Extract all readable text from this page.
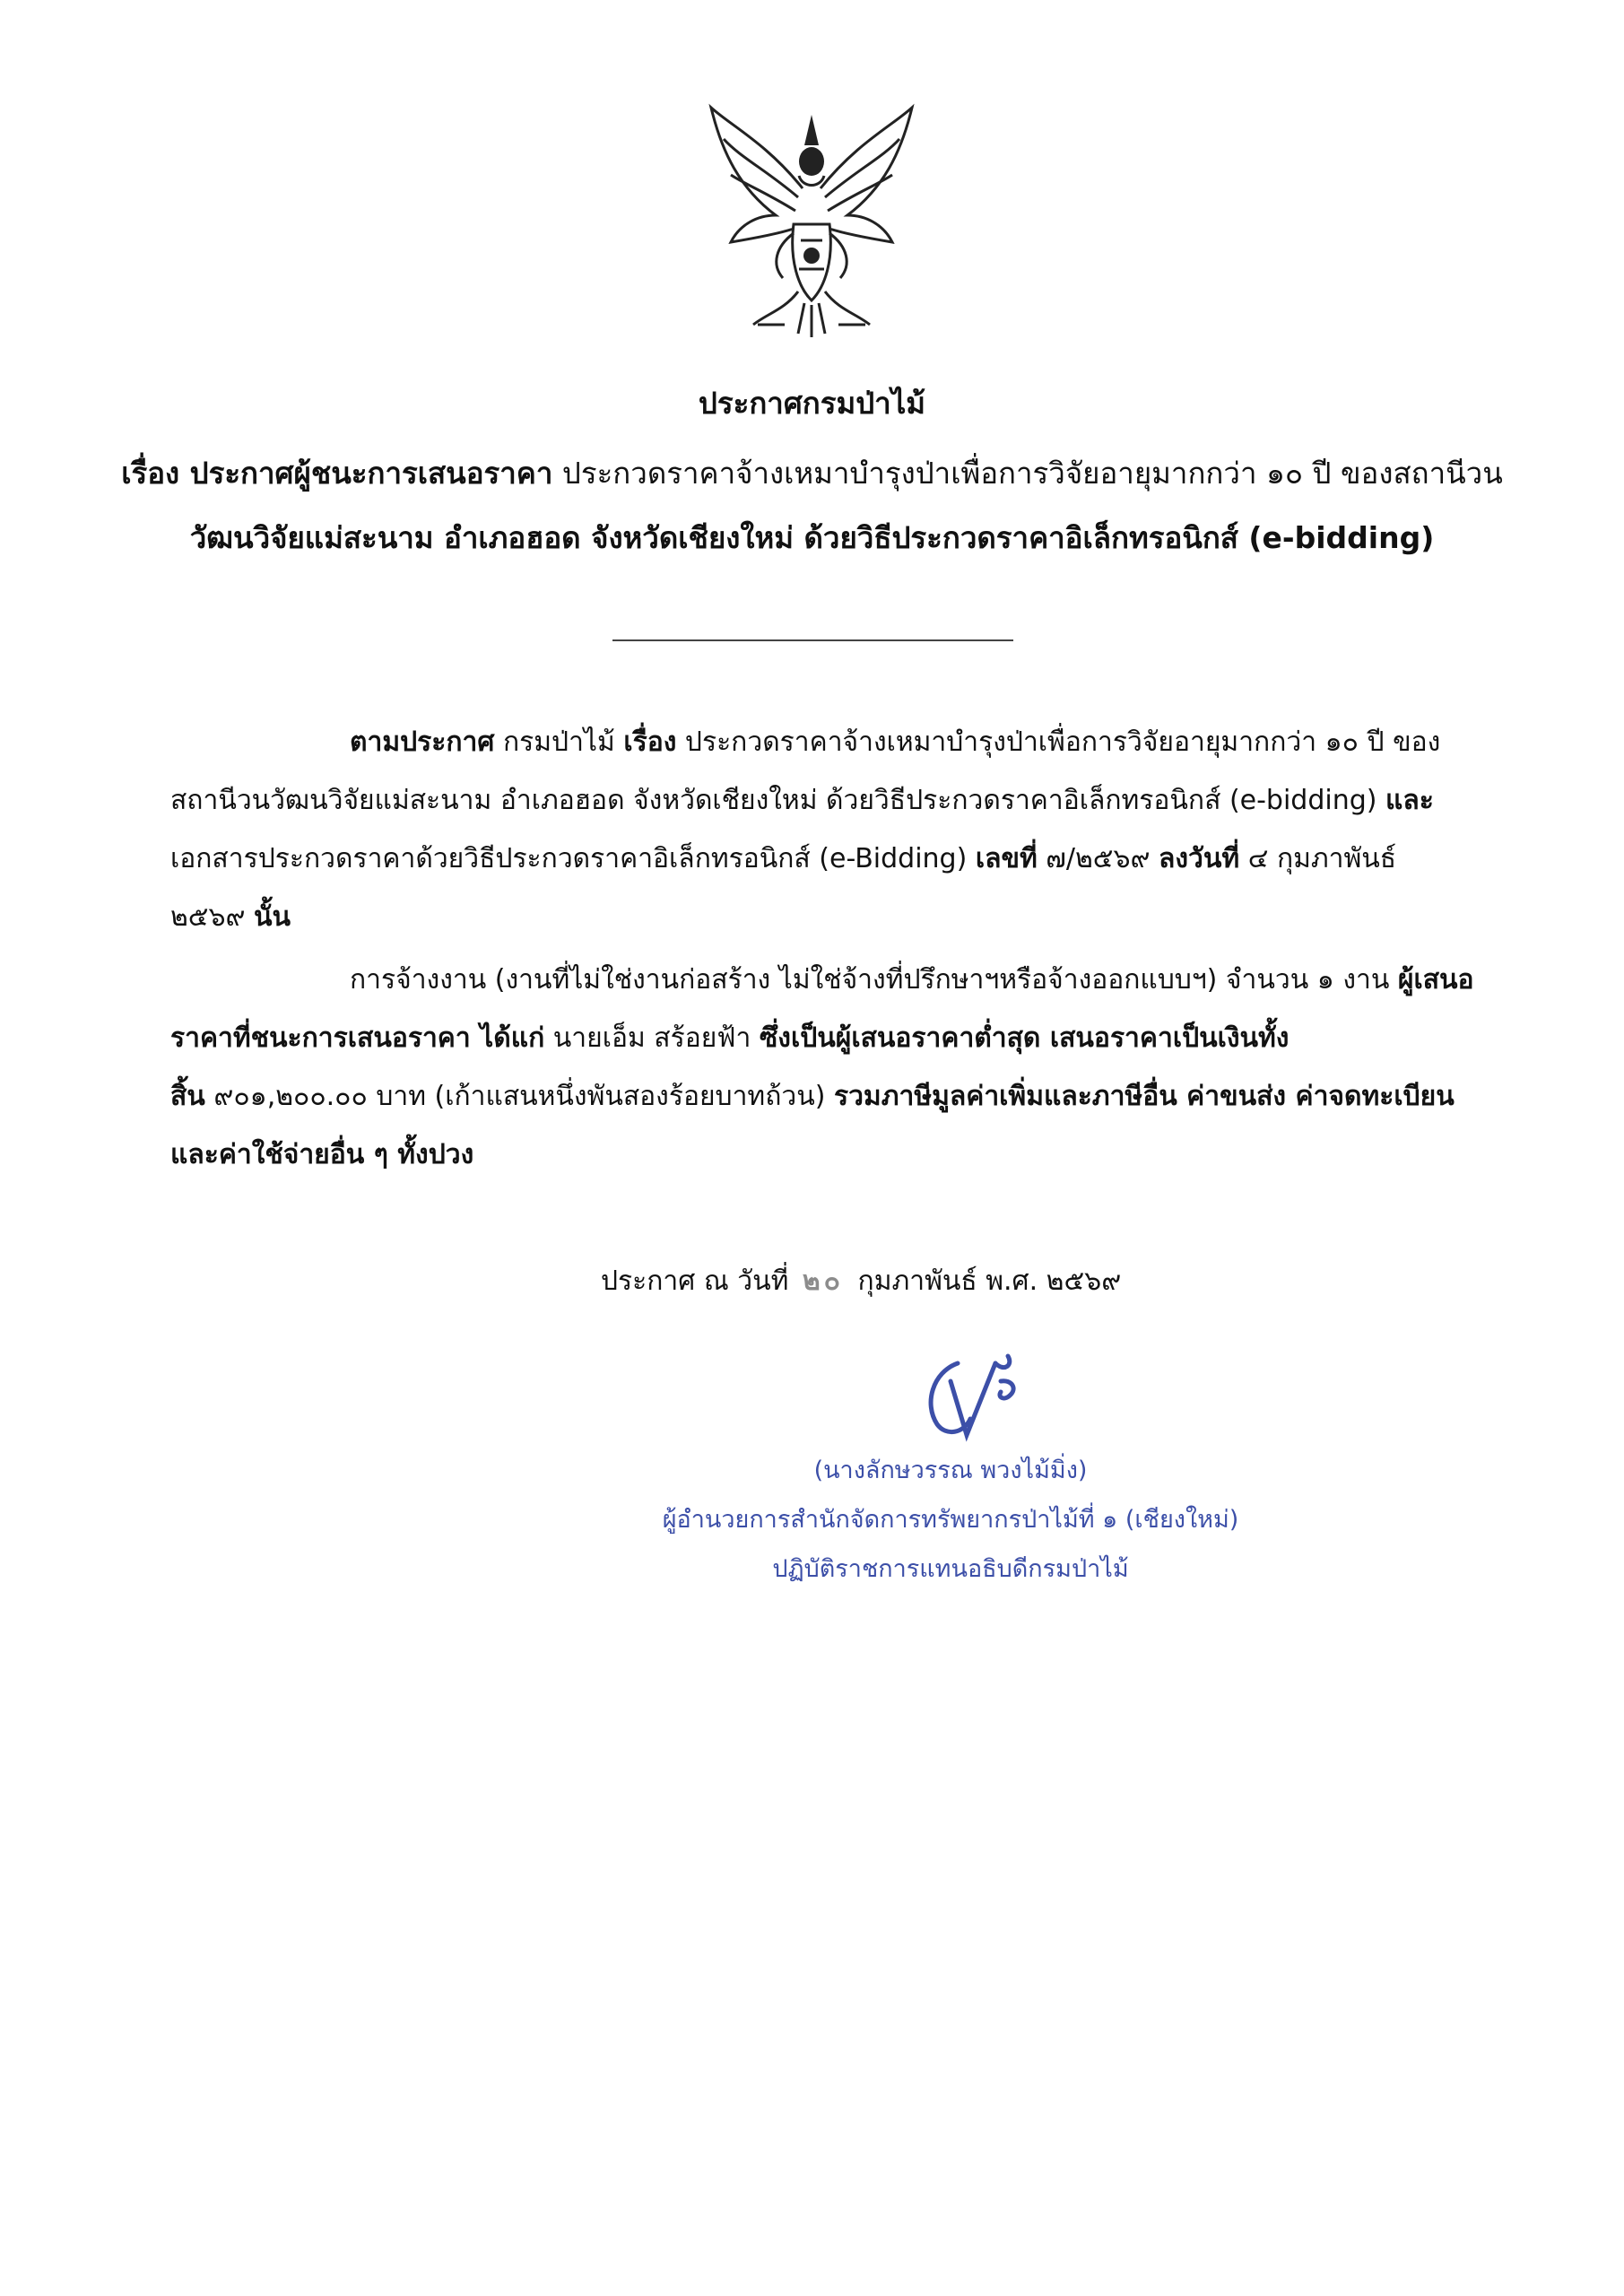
ประกาศกรมป่าไม้
เรื่อง ประกาศผู้ชนะการเสนอราคา ประกวดราคาจ้างเหมาบำรุงป่าเพื่อการวิจัยอายุมากกว่า ๑๐ ปี ของสถานีวน
วัฒนวิจัยแม่สะนาม อำเภอฮอด จังหวัดเชียงใหม่ ด้วยวิธีประกวดราคาอิเล็กทรอนิกส์ (e-bidding)
ตามประกาศ กรมป่าไม้ เรื่อง ประกวดราคาจ้างเหมาบำรุงป่าเพื่อการวิจัยอายุมากกว่า ๑๐ ปี ของ
สถานีวนวัฒนวิจัยแม่สะนาม อำเภอฮอด จังหวัดเชียงใหม่ ด้วยวิธีประกวดราคาอิเล็กทรอนิกส์ (e-bidding) และ
เอกสารประกวดราคาด้วยวิธีประกวดราคาอิเล็กทรอนิกส์ (e-Bidding) เลขที่ ๗/๒๕๖๙ ลงวันที่ ๔ กุมภาพันธ์
๒๕๖๙ นั้น
การจ้างงาน (งานที่ไม่ใช่งานก่อสร้าง ไม่ใช่จ้างที่ปรึกษาฯหรือจ้างออกแบบฯ) จำนวน ๑ งาน ผู้เสนอ
ราคาที่ชนะการเสนอราคา ได้แก่ นายเอ็ม สร้อยฟ้า ซึ่งเป็นผู้เสนอราคาต่ำสุด เสนอราคาเป็นเงินทั้ง
สิ้น ๙๐๑,๒๐๐.๐๐ บาท (เก้าแสนหนึ่งพันสองร้อยบาทถ้วน) รวมภาษีมูลค่าเพิ่มและภาษีอื่น ค่าขนส่ง ค่าจดทะเบียน
และค่าใช้จ่ายอื่น ๆ ทั้งปวง
ประกาศ ณ วันที่ ๒๐ กุมภาพันธ์ พ.ศ. ๒๕๖๙
(นางลักษวรรณ พวงไม้มิ่ง)
ผู้อำนวยการสำนักจัดการทรัพยากรป่าไม้ที่ ๑ (เชียงใหม่)
ปฏิบัติราชการแทนอธิบดีกรมป่าไม้
